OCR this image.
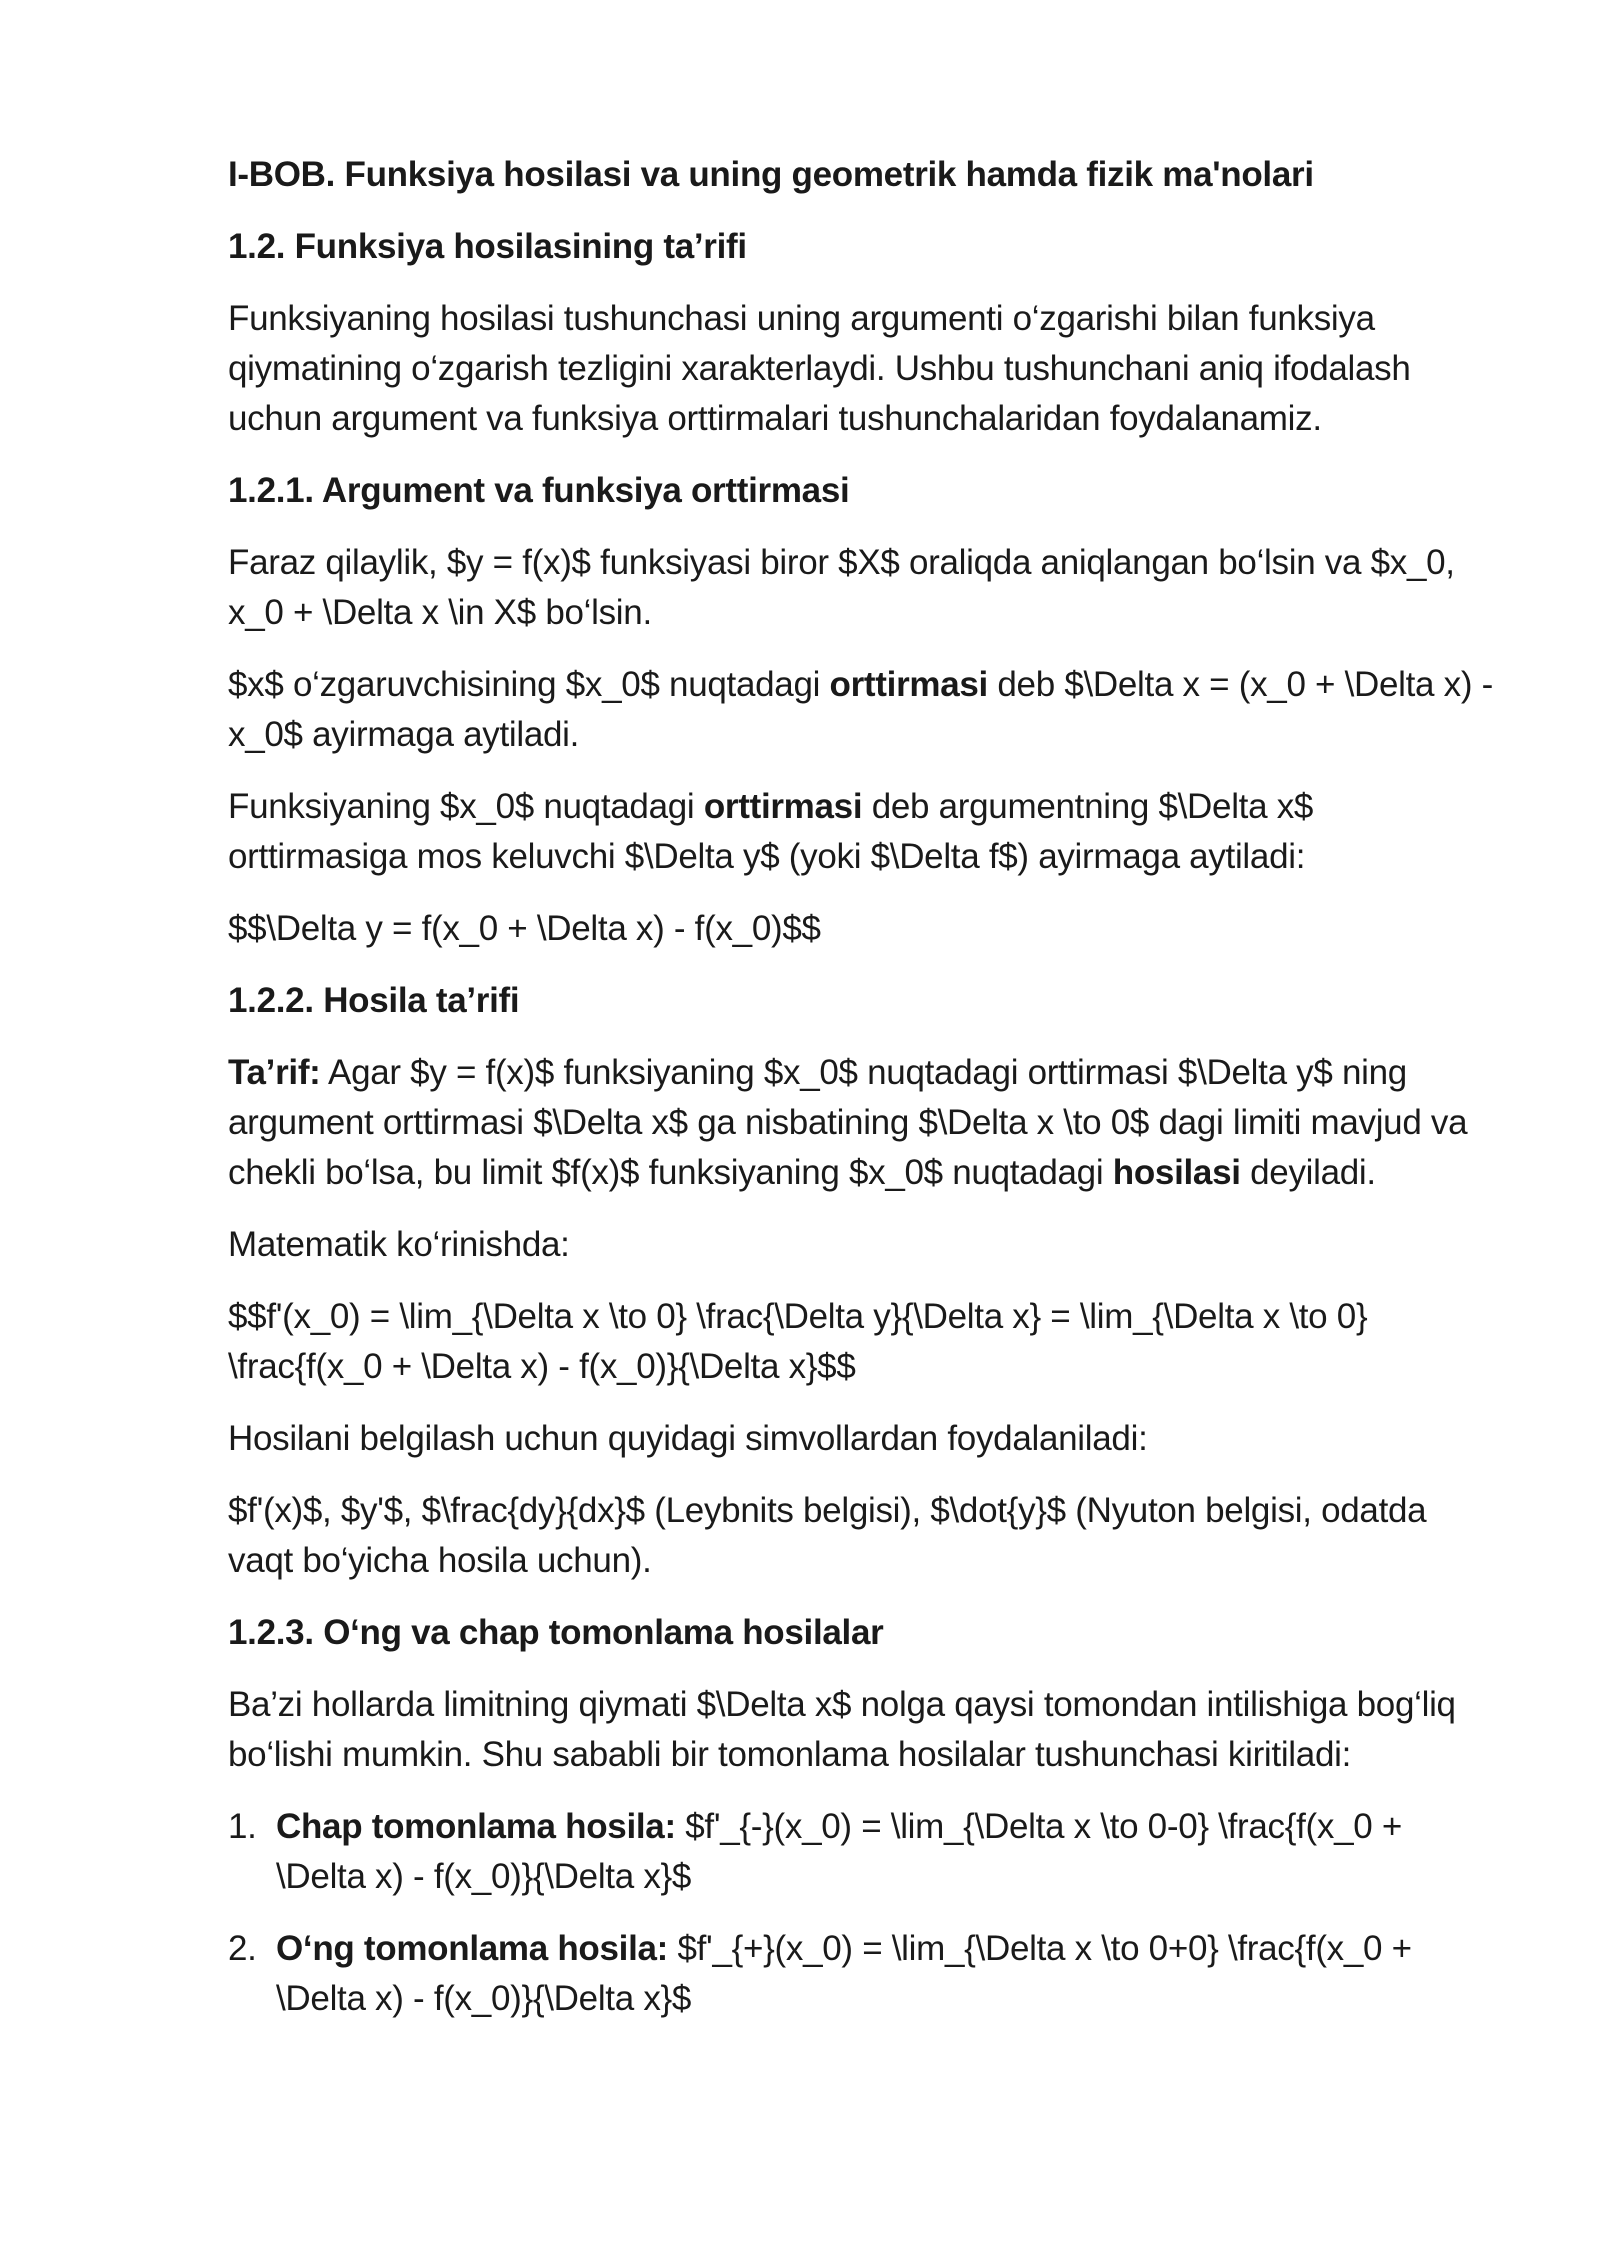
I-BOB. Funksiya hosilasi va uning geometrik hamda fizik ma'nolari
1.2. Funksiya hosilasining ta’rifi

Funksiyaning hosilasi tushunchasi uning argumenti o‘zgarishi bilan funksiya qiymatining o‘zgarish tezligini xarakterlaydi. Ushbu tushunchani aniq ifodalash uchun argument va funksiya orttirmalari tushunchalaridan foydalanamiz.

1.2.1. Argument va funksiya orttirmasi

Faraz qilaylik, $y = f(x)$ funksiyasi biror $X$ oraliqda aniqlangan bo‘lsin va $x_0, x_0 + \Delta x \in X$ bo‘lsin.

$x$ o‘zgaruvchisining $x_0$ nuqtadagi orttirmasi deb $\Delta x = (x_0 + \Delta x) - x_0$ ayirmaga aytiladi.

Funksiyaning $x_0$ nuqtadagi orttirmasi deb argumentning $\Delta x$ orttirmasiga mos keluvchi $\Delta y$ (yoki $\Delta f$) ayirmaga aytiladi:

$$\Delta y = f(x_0 + \Delta x) - f(x_0)$$

1.2.2. Hosila ta’rifi

Ta’rif: Agar $y = f(x)$ funksiyaning $x_0$ nuqtadagi orttirmasi $\Delta y$ ning argument orttirmasi $\Delta x$ ga nisbatining $\Delta x \to 0$ dagi limiti mavjud va chekli bo‘lsa, bu limit $f(x)$ funksiyaning $x_0$ nuqtadagi hosilasi deyiladi.

Matematik ko‘rinishda:

$$f'(x_0) = \lim_{\Delta x \to 0} \frac{\Delta y}{\Delta x} = \lim_{\Delta x \to 0} \frac{f(x_0 + \Delta x) - f(x_0)}{\Delta x}$$

Hosilani belgilash uchun quyidagi simvollardan foydalaniladi:

$f'(x)$, $y'$, $\frac{dy}{dx}$ (Leybnits belgisi), $\dot{y}$ (Nyuton belgisi, odatda vaqt bo‘yicha hosila uchun).

1.2.3. O‘ng va chap tomonlama hosilalar

Ba’zi hollarda limitning qiymati $\Delta x$ nolga qaysi tomondan intilishiga bog‘liq bo‘lishi mumkin. Shu sababli bir tomonlama hosilalar tushunchasi kiritiladi:

1. Chap tomonlama hosila: $f'_{-}(x_0) = \lim_{\Delta x \to 0-0} \frac{f(x_0 + \Delta x) - f(x_0)}{\Delta x}$
2. O‘ng tomonlama hosila: $f'_{+}(x_0) = \lim_{\Delta x \to 0+0} \frac{f(x_0 + \Delta x) - f(x_0)}{\Delta x}$
